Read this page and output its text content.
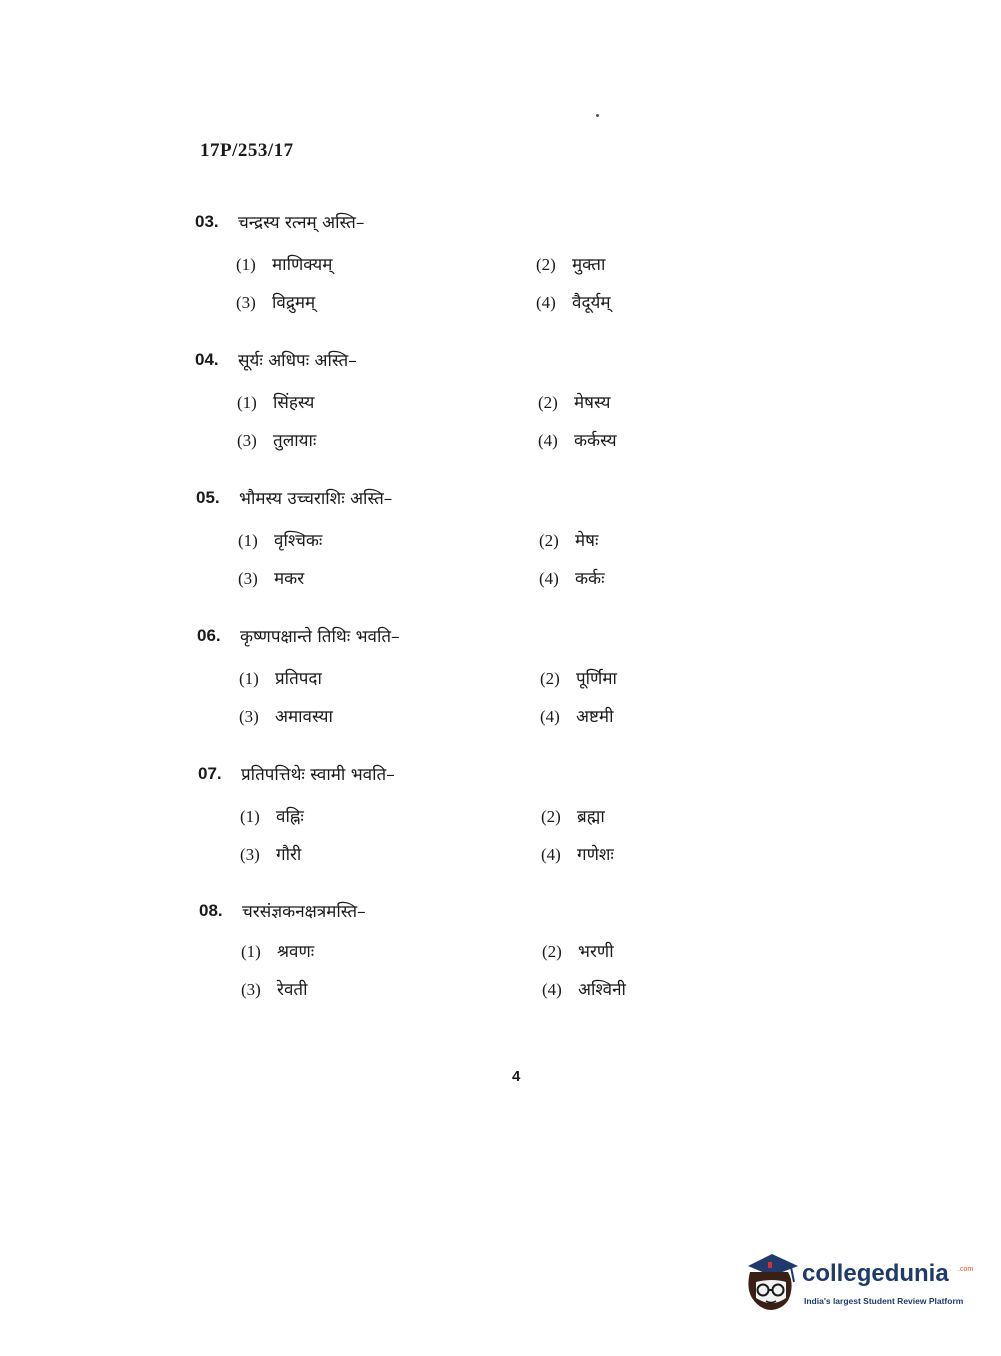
17P/253/17
03. चन्द्रस्य रत्नम् अस्ति–
(1) माणिक्यम्	(2) मुक्ता
(3) विद्रुमम्	(4) वैदूर्यम्
04. सूर्यः अधिपः अस्ति–
(1) सिंहस्य	(2) मेषस्य
(3) तुलायाः	(4) कर्कस्य
05. भौमस्य उच्चराशिः अस्ति–
(1) वृश्चिकः	(2) मेषः
(3) मकर	(4) कर्कः
06. कृष्णपक्षान्ते तिथिः भवति–
(1) प्रतिपदा	(2) पूर्णिमा
(3) अमावस्या	(4) अष्टमी
07. प्रतिपत्तिथेः स्वामी भवति–
(1) वह्निः	(2) ब्रह्मा
(3) गौरी	(4) गणेशः
08. चरसंज्ञकनक्षत्रमस्ति–
(1) श्रवणः	(2) भरणी
(3) रेवती	(4) अश्विनी
4
collegedunia .com
India's largest Student Review Platform
